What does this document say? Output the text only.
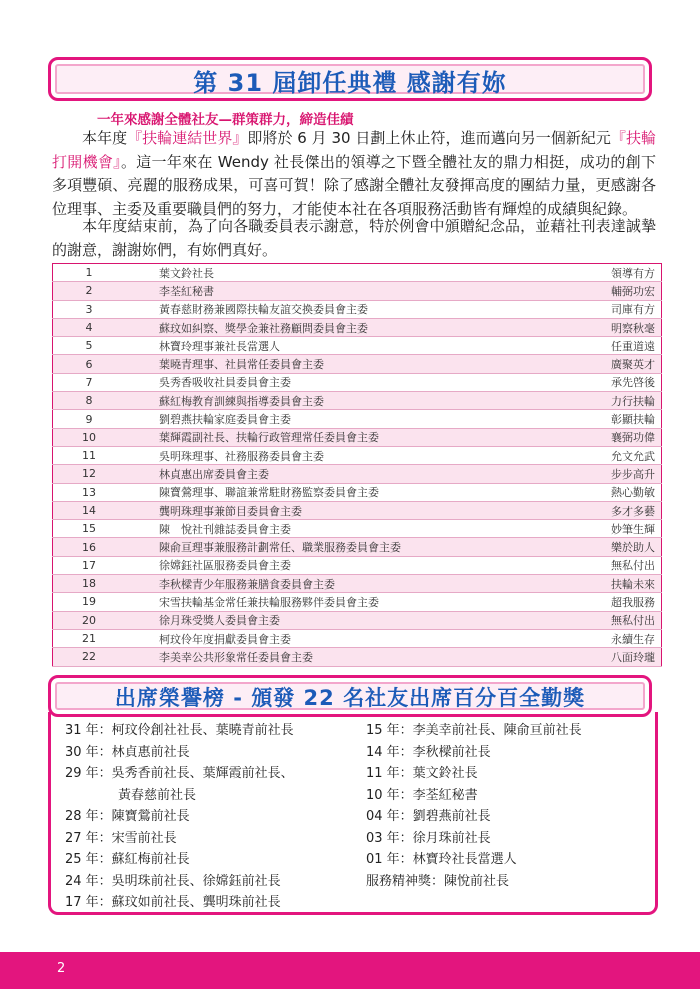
第 31 屆卸任典禮 感謝有妳
一年來感謝全體社友—群策群力，締造佳績
本年度『扶輪連結世界』即將於 6 月 30 日劃上休止符，進而邁向另一個新紀元『扶輪打開機會』。這一年來在 Wendy 社長傑出的領導之下暨全體社友的鼎力相挺，成功的創下多項豐碩、亮麗的服務成果，可喜可賀！除了感謝全體社友發揮高度的團結力量，更感謝各位理事、主委及重要職員們的努力，才能使本社在各項服務活動皆有輝煌的成績與紀錄。
本年度結束前，為了向各職委員表示謝意，特於例會中頒贈紀念品，並藉社刊表達誠摯的謝意，謝謝妳們，有妳們真好。
1	葉文鈴社長	領導有方
2	李荃紅秘書	輔弼功宏
3	黃春慈財務兼國際扶輪友誼交換委員會主委	司庫有方
4	蘇玟如糾察、獎學金兼社務顧問委員會主委	明察秋毫
5	林寶玲理事兼社長當選人	任重道遠
6	葉曉青理事、社員常任委員會主委	廣聚英才
7	吳秀香吸收社員委員會主委	承先啓後
8	蘇紅梅教育訓練與指導委員會主委	力行扶輪
9	劉碧燕扶輪家庭委員會主委	彰顯扶輪
10	葉輝霞副社長、扶輪行政管理常任委員會主委	襄弼功偉
11	吳明珠理事、社務服務委員會主委	允文允武
12	林貞惠出席委員會主委	步步高升
13	陳寶鶯理事、聯誼兼常駐財務監察委員會主委	熱心勤敏
14	龔明珠理事兼節目委員會主委	多才多藝
15	陳　悅社刊雜誌委員會主委	妙筆生輝
16	陳俞亘理事兼服務計劃常任、職業服務委員會主委	樂於助人
17	徐嫦鈺社區服務委員會主委	無私付出
18	李秋樑青少年服務兼膳食委員會主委	扶輪未來
19	宋雪扶輪基金常任兼扶輪服務夥伴委員會主委	超我服務
20	徐月珠受獎人委員會主委	無私付出
21	柯玟伶年度捐獻委員會主委	永續生存
22	李美幸公共形象常任委員會主委	八面玲瓏
出席榮譽榜 - 頒發 22 名社友出席百分百全勤獎
31 年：柯玟伶創社社長、葉曉青前社長
30 年：林貞惠前社長
29 年：吳秀香前社長、葉輝霞前社長、
黃春慈前社長
28 年：陳寶鶯前社長
27 年：宋雪前社長
25 年：蘇紅梅前社長
24 年：吳明珠前社長、徐嫦鈺前社長
17 年：蘇玟如前社長、龔明珠前社長
15 年：李美幸前社長、陳俞亘前社長
14 年：李秋樑前社長
11 年：葉文鈴社長
10 年：李荃紅秘書
04 年：劉碧燕前社長
03 年：徐月珠前社長
01 年：林寶玲社長當選人
服務精神獎：陳悅前社長
2
